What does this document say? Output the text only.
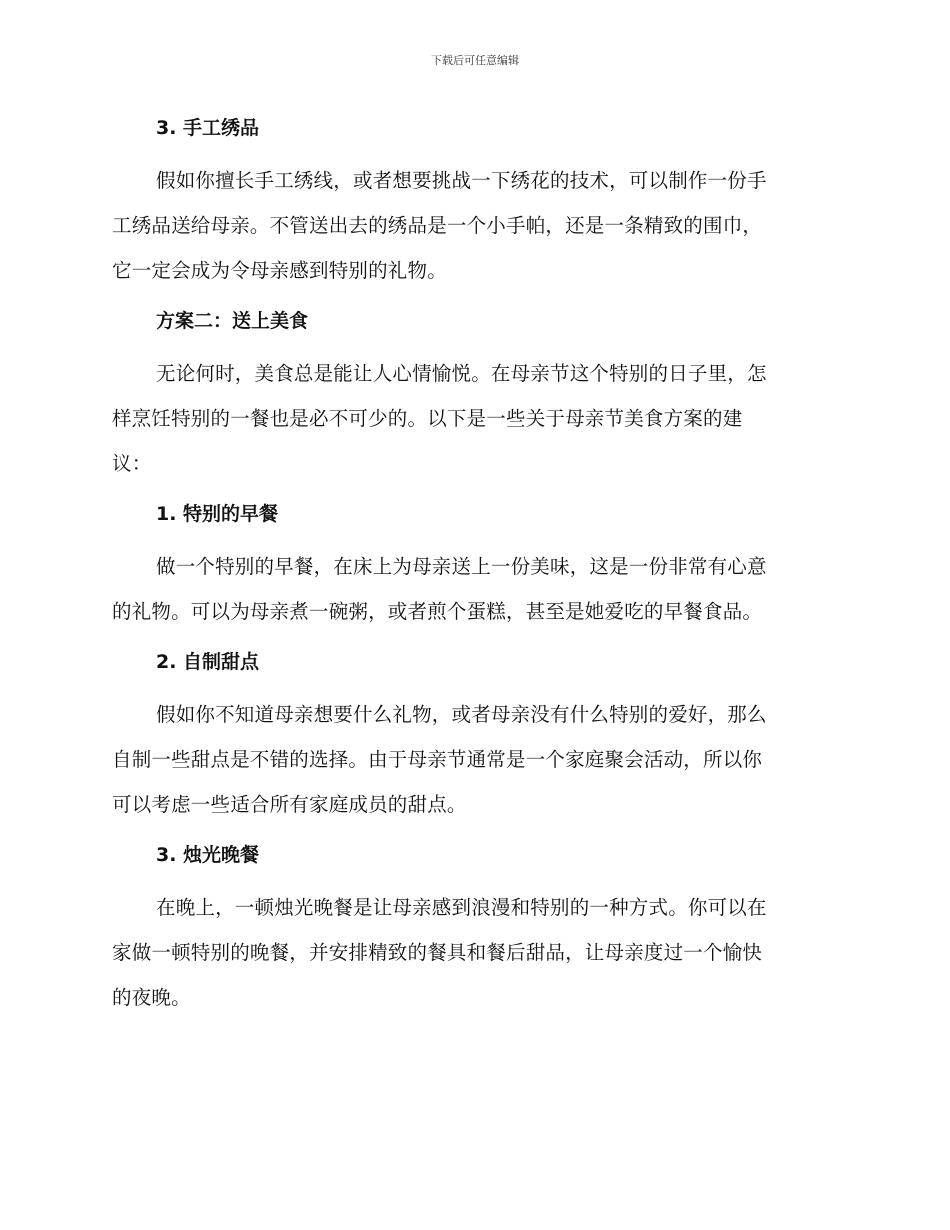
下载后可任意编辑

3. 手工绣品

假如你擅长手工绣线，或者想要挑战一下绣花的技术，可以制作一份手
工绣品送给母亲。不管送出去的绣品是一个小手帕，还是一条精致的围巾，
它一定会成为令母亲感到特别的礼物。

方案二：送上美食

无论何时，美食总是能让人心情愉悦。在母亲节这个特别的日子里，怎
样烹饪特别的一餐也是必不可少的。以下是一些关于母亲节美食方案的建
议：

1. 特别的早餐

做一个特别的早餐，在床上为母亲送上一份美味，这是一份非常有心意
的礼物。可以为母亲煮一碗粥，或者煎个蛋糕，甚至是她爱吃的早餐食品。

2. 自制甜点

假如你不知道母亲想要什么礼物，或者母亲没有什么特别的爱好，那么
自制一些甜点是不错的选择。由于母亲节通常是一个家庭聚会活动，所以你
可以考虑一些适合所有家庭成员的甜点。

3. 烛光晚餐

在晚上，一顿烛光晚餐是让母亲感到浪漫和特别的一种方式。你可以在
家做一顿特别的晚餐，并安排精致的餐具和餐后甜品，让母亲度过一个愉快
的夜晚。
